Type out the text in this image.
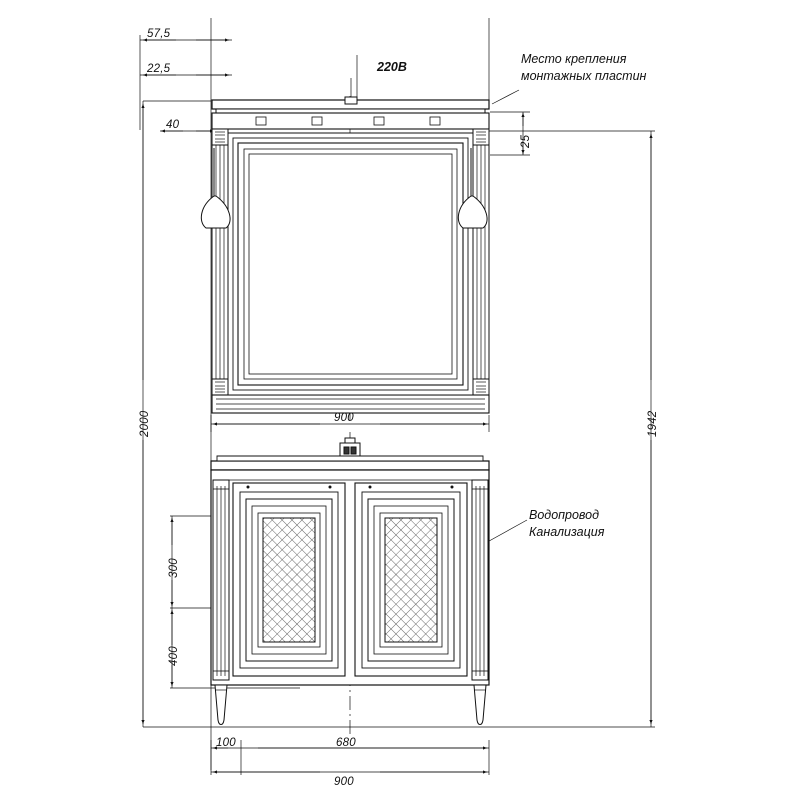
57,5
22,5
40
220В
Место крепления
монтажных пластин
25
2000	1942
900
300
400
Водопровод
Канализация
100	680
900
